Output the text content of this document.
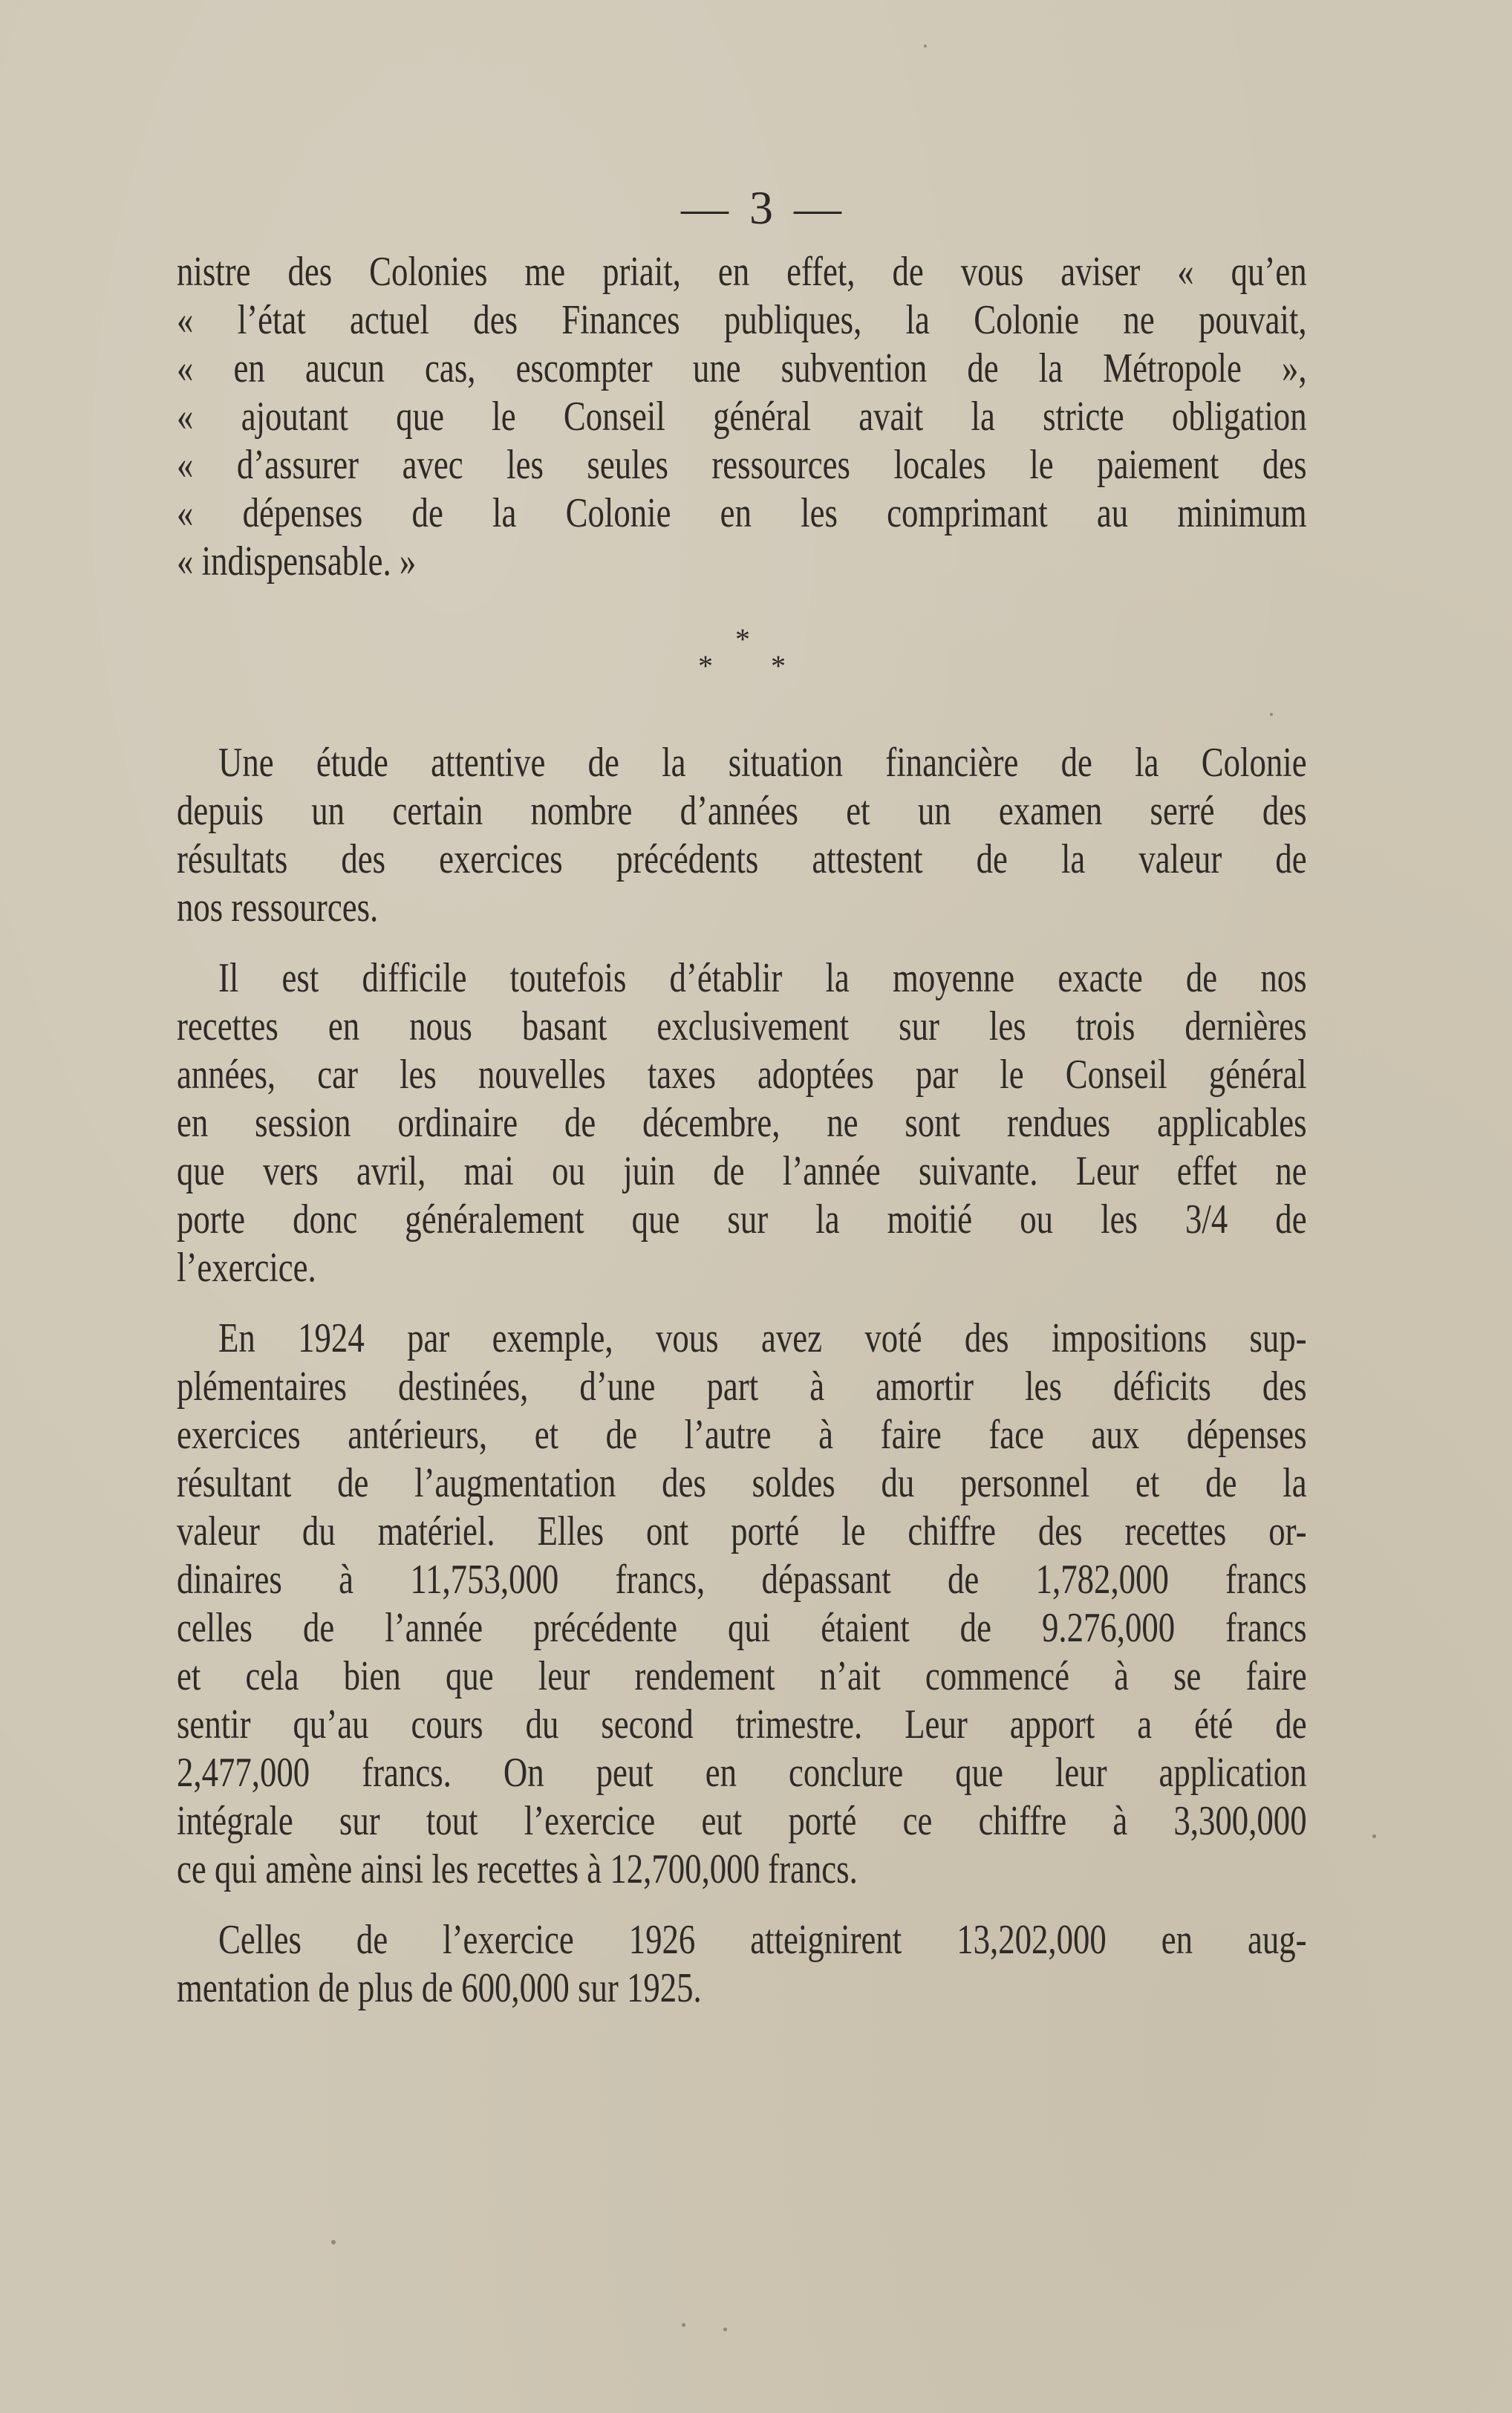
— 3 —

nistre des Colonies me priait, en effet, de vous aviser « qu’en
« l’état actuel des Finances publiques, la Colonie ne pouvait,
« en aucun cas, escompter une subvention de la Métropole »,
« ajoutant que le Conseil général avait la stricte obligation
« d’assurer avec les seules ressources locales le paiement des
« dépenses de la Colonie en les comprimant au minimum
« indispensable. »

*
* *

Une étude attentive de la situation financière de la Colonie
depuis un certain nombre d’années et un examen serré des
résultats des exercices précédents attestent de la valeur de
nos ressources.

Il est difficile toutefois d’établir la moyenne exacte de nos
recettes en nous basant exclusivement sur les trois dernières
années, car les nouvelles taxes adoptées par le Conseil général
en session ordinaire de décembre, ne sont rendues applicables
que vers avril, mai ou juin de l’année suivante. Leur effet ne
porte donc généralement que sur la moitié ou les 3/4 de
l’exercice.

En 1924 par exemple, vous avez voté des impositions sup-
plémentaires destinées, d’une part à amortir les déficits des
exercices antérieurs, et de l’autre à faire face aux dépenses
résultant de l’augmentation des soldes du personnel et de la
valeur du matériel. Elles ont porté le chiffre des recettes or-
dinaires à 11,753,000 francs, dépassant de 1,782,000 francs
celles de l’année précédente qui étaient de 9.276,000 francs
et cela bien que leur rendement n’ait commencé à se faire
sentir qu’au cours du second trimestre. Leur apport a été de
2,477,000 francs. On peut en conclure que leur application
intégrale sur tout l’exercice eut porté ce chiffre à 3,300,000
ce qui amène ainsi les recettes à 12,700,000 francs.

Celles de l’exercice 1926 atteignirent 13,202,000 en aug-
mentation de plus de 600,000 sur 1925.
